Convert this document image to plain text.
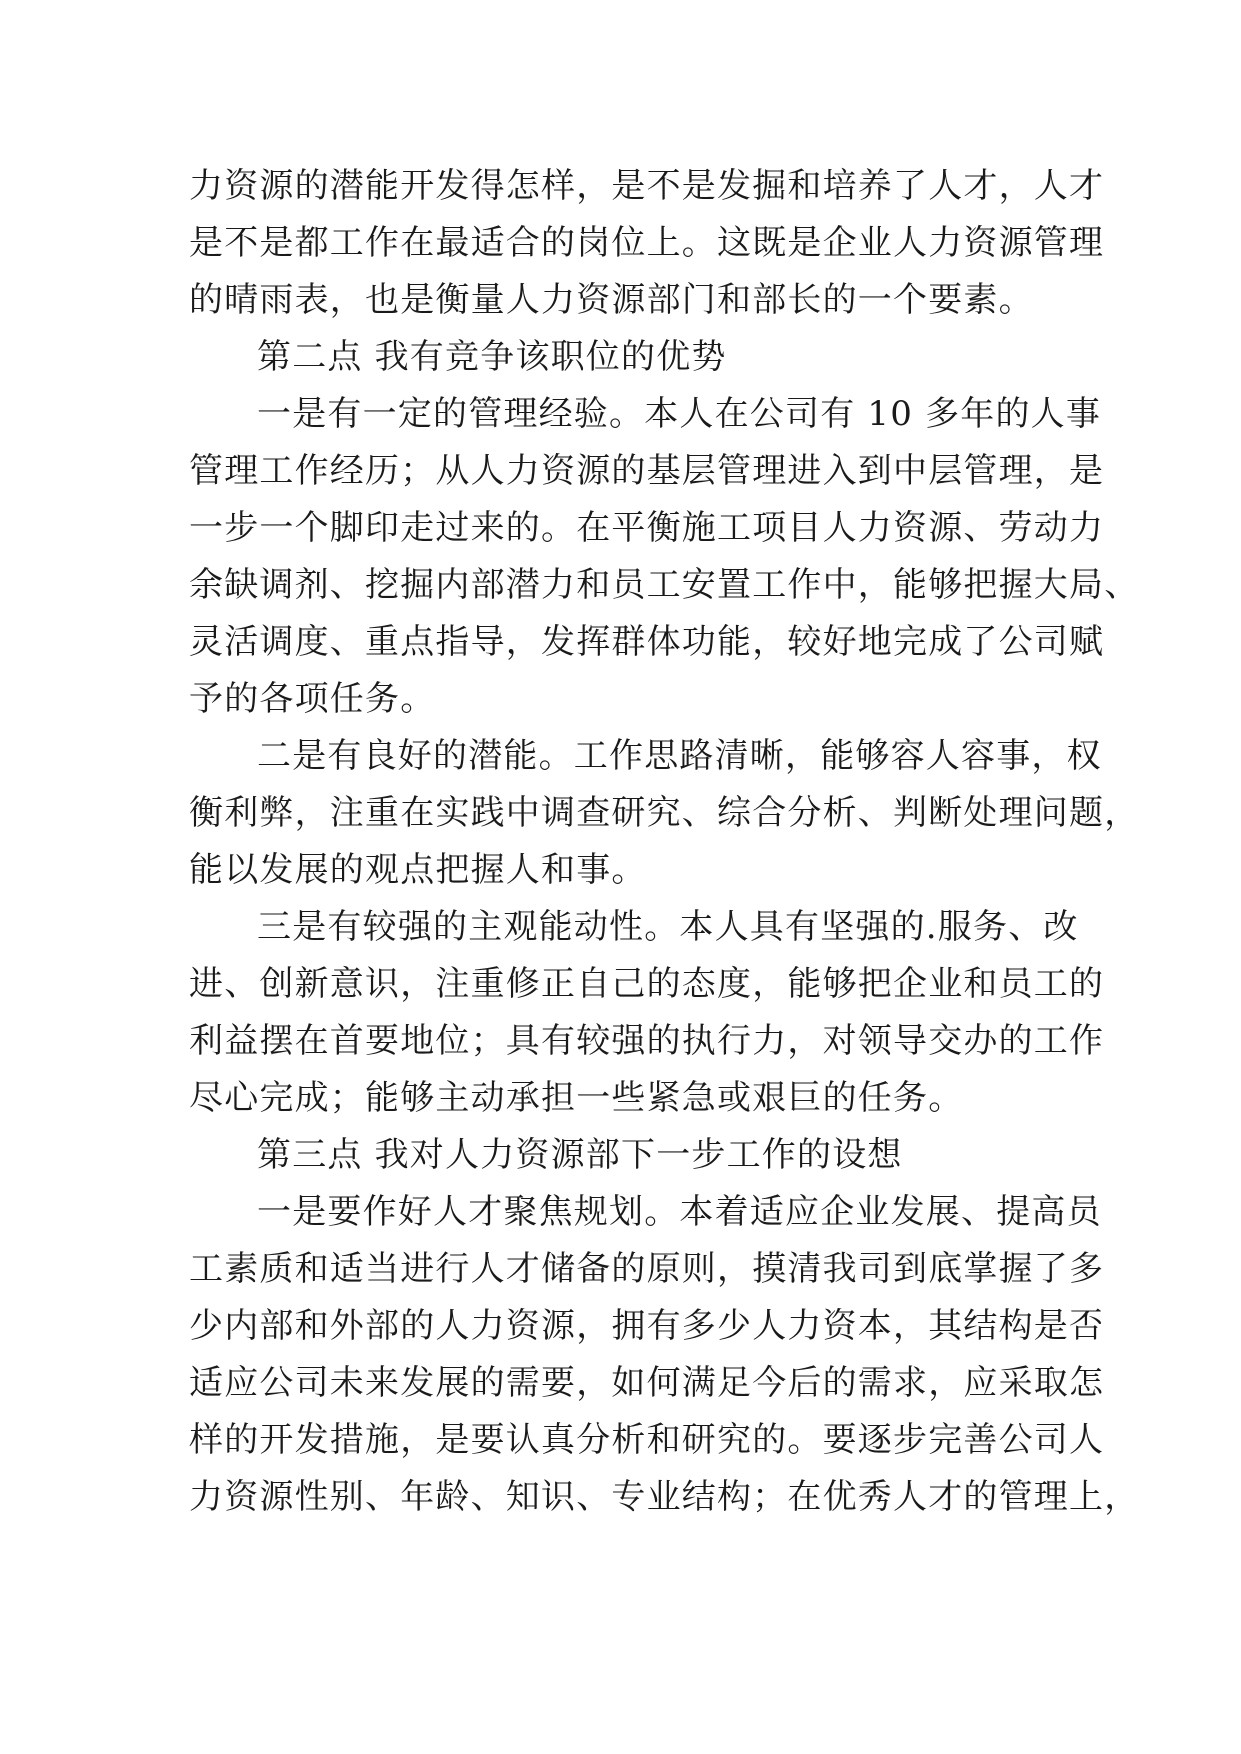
力资源的潜能开发得怎样，是不是发掘和培养了人才，人才
是不是都工作在最适合的岗位上。这既是企业人力资源管理
的晴雨表，也是衡量人力资源部门和部长的一个要素。
第二点 我有竞争该职位的优势
一是有一定的管理经验。本人在公司有 10 多年的人事
管理工作经历；从人力资源的基层管理进入到中层管理，是
一步一个脚印走过来的。在平衡施工项目人力资源、劳动力
余缺调剂、挖掘内部潜力和员工安置工作中，能够把握大局、
灵活调度、重点指导，发挥群体功能，较好地完成了公司赋
予的各项任务。
二是有良好的潜能。工作思路清晰，能够容人容事，权
衡利弊，注重在实践中调查研究、综合分析、判断处理问题，
能以发展的观点把握人和事。
三是有较强的主观能动性。本人具有坚强的.服务、改
进、创新意识，注重修正自己的态度，能够把企业和员工的
利益摆在首要地位；具有较强的执行力，对领导交办的工作
尽心完成；能够主动承担一些紧急或艰巨的任务。
第三点 我对人力资源部下一步工作的设想
一是要作好人才聚焦规划。本着适应企业发展、提高员
工素质和适当进行人才储备的原则，摸清我司到底掌握了多
少内部和外部的人力资源，拥有多少人力资本，其结构是否
适应公司未来发展的需要，如何满足今后的需求，应采取怎
样的开发措施，是要认真分析和研究的。要逐步完善公司人
力资源性别、年龄、知识、专业结构；在优秀人才的管理上，
